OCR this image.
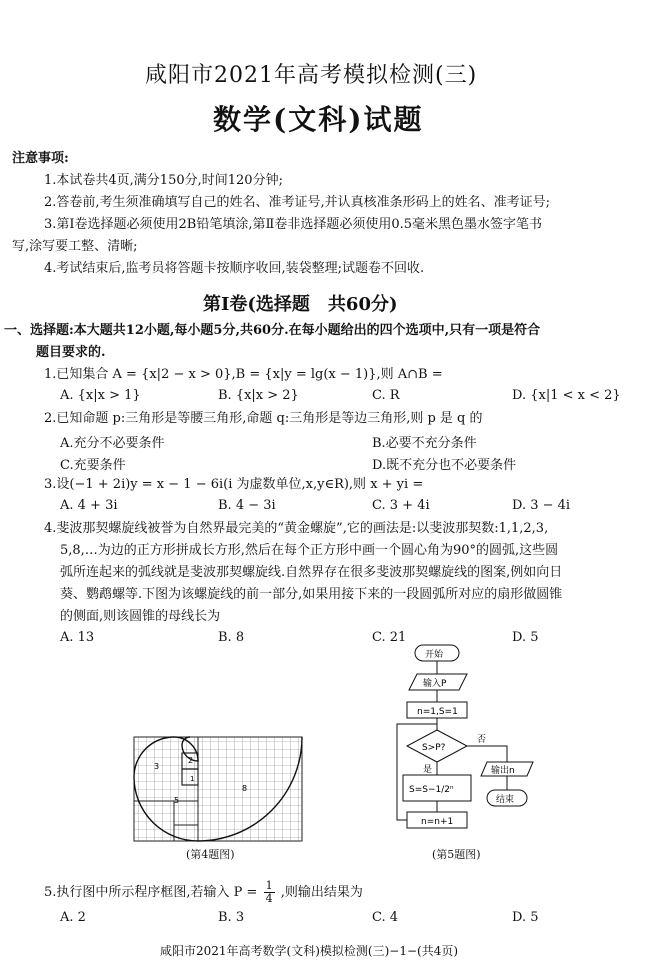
咸阳市2021年高考模拟检测(三)
数学(文科)试题
注意事项:
1.本试卷共4页,满分150分,时间120分钟;
2.答卷前,考生须准确填写自己的姓名、准考证号,并认真核准条形码上的姓名、准考证号;
3.第Ⅰ卷选择题必须使用2B铅笔填涂,第Ⅱ卷非选择题必须使用0.5毫米黑色墨水签字笔书
写,涂写要工整、清晰;
4.考试结束后,监考员将答题卡按顺序收回,装袋整理;试题卷不回收.
第Ⅰ卷(选择题　共60分)
一、选择题:本大题共12小题,每小题5分,共60分.在每小题给出的四个选项中,只有一项是符合
题目要求的.
1.已知集合 A = {x|2 − x > 0},B = {x|y = lg(x − 1)},则 A∩B =
A. {x|x > 1}	B. {x|x > 2}	C. R	D. {x|1 < x < 2}
2.已知命题 p:三角形是等腰三角形,命题 q:三角形是等边三角形,则 p 是 q 的
A.充分不必要条件	B.必要不充分条件
C.充要条件	D.既不充分也不必要条件
3.设(−1 + 2i)y = x − 1 − 6i(i 为虚数单位,x,y∈R),则 x + yi =
A. 4 + 3i	B. 4 − 3i	C. 3 + 4i	D. 3 − 4i
4.斐波那契螺旋线被誉为自然界最完美的“黄金螺旋”,它的画法是:以斐波那契数:1,1,2,3,
5,8,…为边的正方形拼成长方形,然后在每个正方形中画一个圆心角为90°的圆弧,这些圆
弧所连起来的弧线就是斐波那契螺旋线.自然界存在很多斐波那契螺旋线的图案,例如向日
葵、鹦鹉螺等.下图为该螺旋线的前一部分,如果用接下来的一段圆弧所对应的扇形做圆锥
的侧面,则该圆锥的母线长为
A. 13	B. 8	C. 21	D. 5
2
1
3
5
8
(第4题图)
开始
输入P
n=1,S=1
S>P?
否
是
S=S−1/2ⁿ
输出n
结束
n=n+1
(第5题图)
5.执行图中所示程序框图,若输入 $P = \frac{1}{4}$ ,则输出结果为
A. 2	B. 3	C. 4	D. 5
咸阳市2021年高考数学(文科)模拟检测(三)−1−(共4页)
